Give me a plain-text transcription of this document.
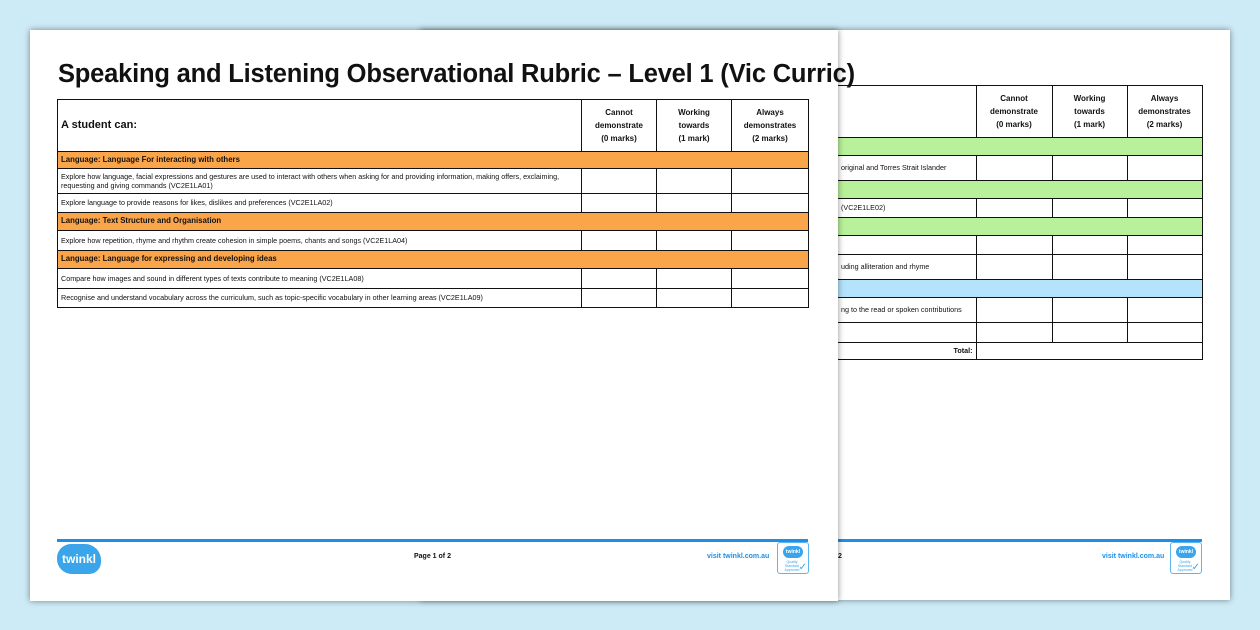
	Cannot
demonstrate
(0 marks)	Working
towards
(1 mark)	Always
demonstrates
(2 marks)

original and Torres Strait Islander			

(VC2E1LE02)			

uding alliteration and rhyme			

ng to the read or spoken contributions			

Total:			
2	visit twinkl.com.au
twinkl
Quality Standard Approved ✓
Speaking and Listening Observational Rubric – Level 1 (Vic Curric)
A student can:	Cannot
demonstrate
(0 marks)	Working
towards
(1 mark)	Always
demonstrates
(2 marks)
Language: Language For interacting with others			
Explore how language, facial expressions and gestures are used to interact with others when asking for and providing information, making offers, exclaiming, requesting and giving commands (VC2E1LA01)			
Explore language to provide reasons for likes, dislikes and preferences (VC2E1LA02)			
Language: Text Structure and Organisation			
Explore how repetition, rhyme and rhythm create cohesion in simple poems, chants and songs (VC2E1LA04)			
Language: Language for expressing and developing ideas			
Compare how images and sound in different types of texts contribute to meaning (VC2E1LA08)			
Recognise and understand vocabulary across the curriculum, such as topic-specific vocabulary in other learning areas (VC2E1LA09)			
twinkl	Page 1 of 2	visit twinkl.com.au
twinkl
Quality Standard Approved ✓
